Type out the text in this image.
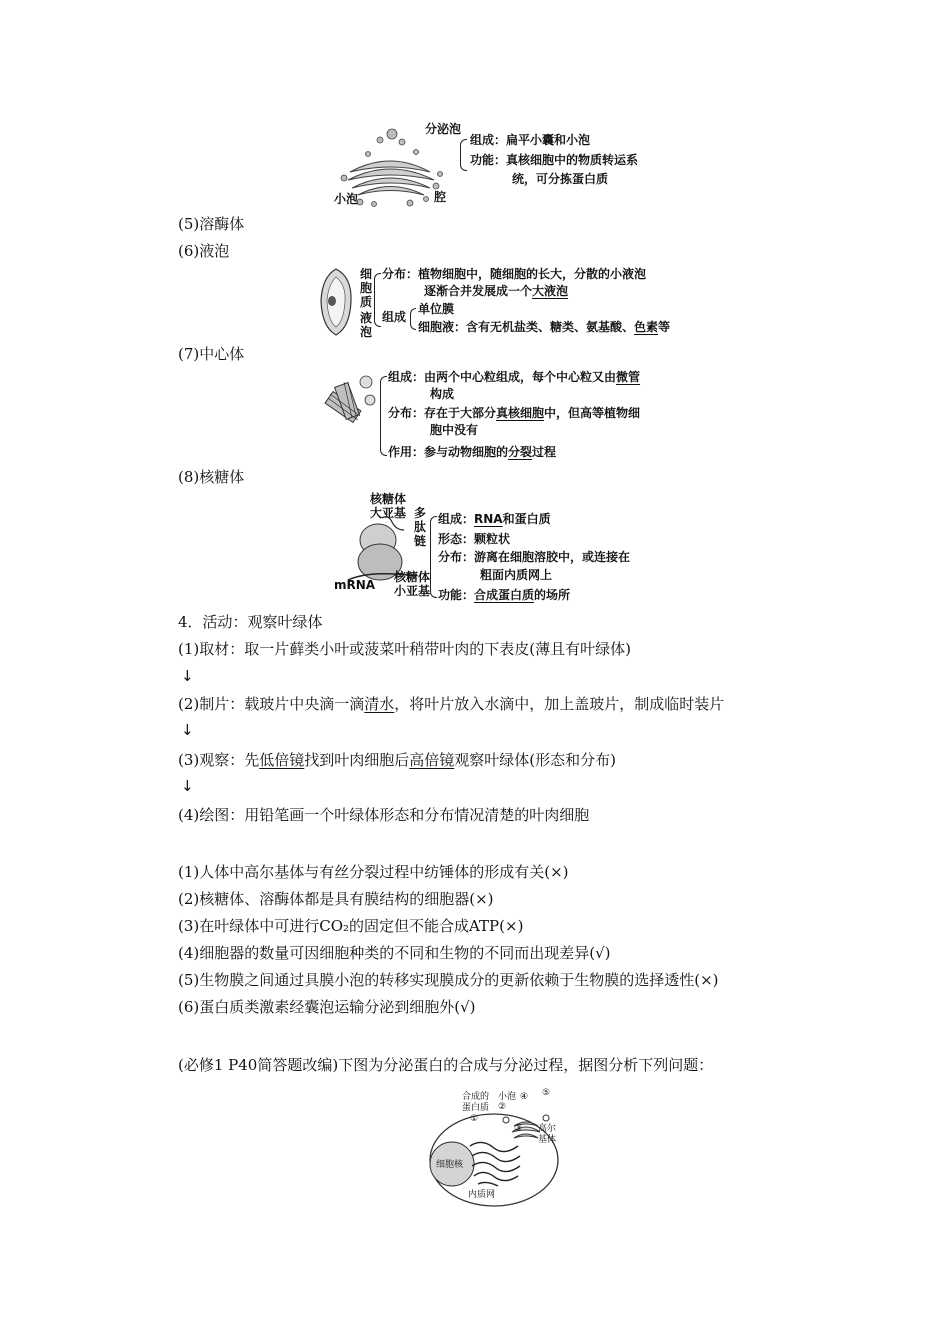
分泌泡
小泡	腔
组成：扁平小囊和小泡
功能：真核细胞中的物质转运系
统，可分拣蛋白质
(5)溶酶体
(6)液泡
细
胞
质
液
泡
分布：植物细胞中，随细胞的长大，分散的小液泡
逐渐合并发展成一个大液泡
组成
单位膜
细胞液：含有无机盐类、糖类、氨基酸、色素等
(7)中心体
组成：由两个中心粒组成，每个中心粒又由微管
构成
分布：存在于大部分真核细胞中，但高等植物细
胞中没有
作用：参与动物细胞的分裂过程
(8)核糖体
核糖体
大亚基 多
肽
链
mRNA
核糖体
小亚基
组成：RNA和蛋白质
形态：颗粒状
分布：游离在细胞溶胶中，或连接在
粗面内质网上
功能：合成蛋白质的场所
4．活动：观察叶绿体
(1)取材：取一片藓类小叶或菠菜叶稍带叶肉的下表皮(薄且有叶绿体)
↓
(2)制片：载玻片中央滴一滴清水，将叶片放入水滴中，加上盖玻片，制成临时装片
↓
(3)观察：先低倍镜找到叶肉细胞后高倍镜观察叶绿体(形态和分布)
↓
(4)绘图：用铅笔画一个叶绿体形态和分布情况清楚的叶肉细胞
(1)人体中高尔基体与有丝分裂过程中纺锤体的形成有关(×)
(2)核糖体、溶酶体都是具有膜结构的细胞器(×)
(3)在叶绿体中可进行CO₂的固定但不能合成ATP(×)
(4)细胞器的数量可因细胞种类的不同和生物的不同而出现差异(√)
(5)生物膜之间通过具膜小泡的转移实现膜成分的更新依赖于生物膜的选择透性(×)
(6)蛋白质类激素经囊泡运输分泌到细胞外(√)
(必修1 P40简答题改编)下图为分泌蛋白的合成与分泌过程，据图分析下列问题：
合成的
蛋白质
小泡 ④ ⑤
②
①
③ 高尔
基体
细胞核
内质网
